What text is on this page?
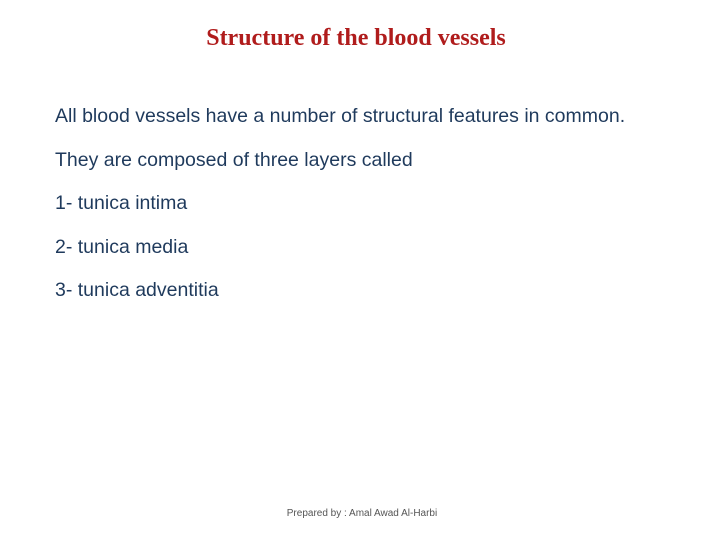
Structure of the blood vessels
All blood vessels have a number of structural features in common.
They are composed of three layers called
1- tunica intima
2- tunica media
3- tunica adventitia
Prepared by : Amal Awad Al-Harbi
